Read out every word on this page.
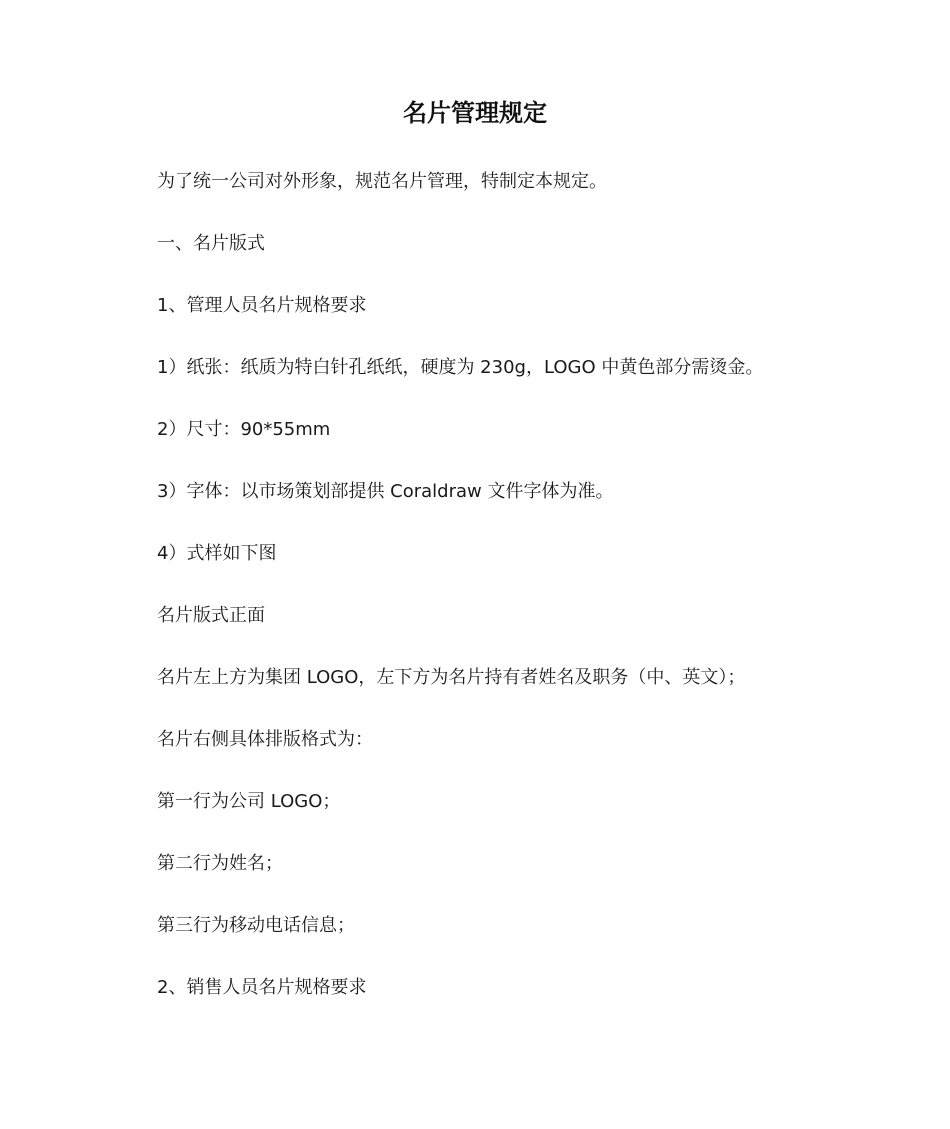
名片管理规定

为了统一公司对外形象，规范名片管理，特制定本规定。

一、名片版式

1、管理人员名片规格要求

1）纸张：纸质为特白针孔纸纸，硬度为 230g，LOGO 中黄色部分需烫金。

2）尺寸：90*55mm

3）字体：以市场策划部提供 Coraldraw 文件字体为准。

4）式样如下图

名片版式正面

名片左上方为集团 LOGO，左下方为名片持有者姓名及职务（中、英文）；

名片右侧具体排版格式为：

第一行为公司 LOGO；

第二行为姓名；

第三行为移动电话信息；

2、销售人员名片规格要求
